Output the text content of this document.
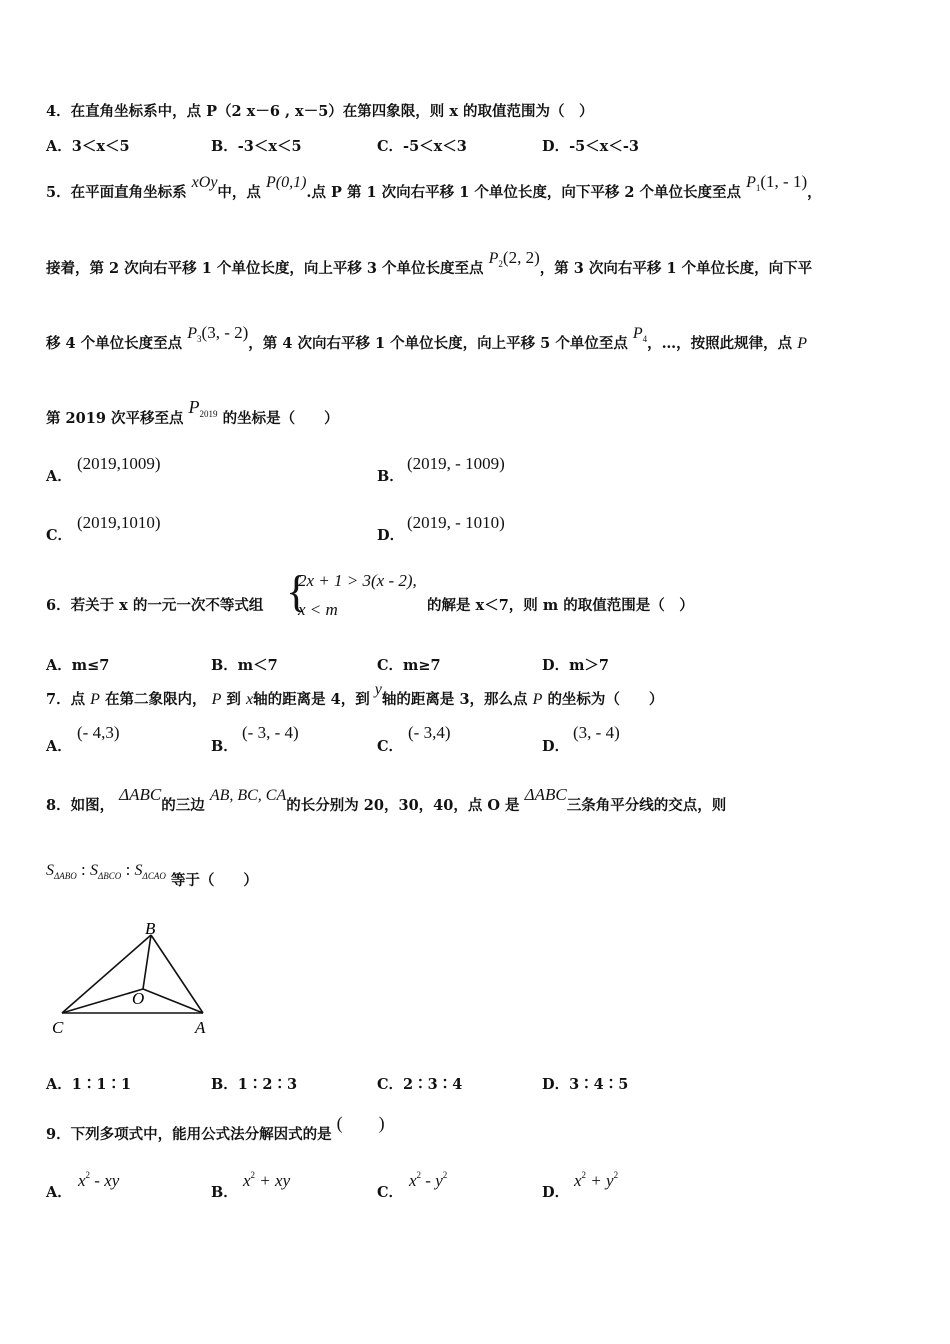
4．在直角坐标系中，点 P（2 x－6 , x－5）在第四象限，则 x 的取值范围为（　）
A．3＜x＜5	B．-3＜x＜5	C．-5＜x＜3	D．-5＜x＜-3
5．在平面直角坐标系 xOy中，点 P(0,1).点 P 第 1 次向右平移 1 个单位长度，向下平移 2 个单位长度至点 $P_1(1$, - 1)，
接着，第 2 次向右平移 1 个单位长度，向上平移 3 个单位长度至点 $P_2(2$, 2)，第 3 次向右平移 1 个单位长度，向下平
移 4 个单位长度至点 $P_3(3$, - 2)，第 4 次向右平移 1 个单位长度，向上平移 5 个单位至点 $P_4$，…，按照此规律，点 P
第 2019 次平移至点 $P_{2019}$ 的坐标是（　　）
A．
(2019,1009)
B．
(2019, - 1009)
C．
(2019,1010)
D．
(2019, - 1010)
6．若关于 x 的一元一次不等式组 {
2x + 1 > 3(x - 2),
x < m	的解是 x＜7，则 m 的取值范围是（　）
A．m≤7	B．m＜7	C．m≥7	D．m＞7
7．点 P 在第二象限内， P 到 x轴的距离是 4，到 y轴的距离是 3，那么点 P 的坐标为（　　）
A．
(- 4,3)
B．
(- 3, - 4)
C．
(- 3,4)
D．
(3, - 4)
8．如图， ΔABC的三边 AB, BC, CA的长分别为 20，30，40，点 O 是 ΔABC三条角平分线的交点，则
$S_{\Delta ABO}$ : $S_{\Delta BCO}$ : $S_{\Delta CAO}$ 等于（　　）
B
O
C	A
A．1∶1∶1	B．1∶2∶3	C．2∶3∶4	D．3∶4∶5
9．下列多项式中，能用公式法分解因式的是 (　　)
A．
$x^2$ - xy
B．
$x^2$ + xy
C．
$x^2 - y^2$
D．
$x^2 + y^2$
